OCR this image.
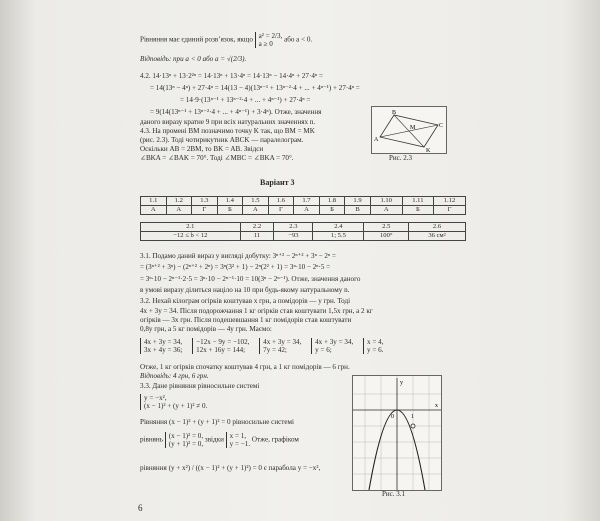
Рівняння має єдиний розв’язок, якщо a² = 2/3,
a ≥ 0
або a < 0.
Відповідь: при a < 0 або a = √(2/3).
4.2. 14·13ⁿ + 13·2²ⁿ = 14·13ⁿ + 13·4ⁿ = 14·13ⁿ − 14·4ⁿ + 27·4ⁿ =
= 14(13ⁿ − 4ⁿ) + 27·4ⁿ = 14(13 − 4)(13ⁿ⁻¹ + 13ⁿ⁻²·4 + ... + 4ⁿ⁻¹) + 27·4ⁿ =
= 14·9·(13ⁿ⁻¹ + 13ⁿ⁻²·4 + ... + 4ⁿ⁻¹) + 27·4ⁿ =
= 9(14(13ⁿ⁻¹ + 13ⁿ⁻²·4 + ... + 4ⁿ⁻¹) + 3·4ⁿ). Отже, значення
даного виразу кратне 9 при всіх натуральних значеннях n.
4.3. На промені BM позначимо точку K так, що BM = MK
(рис. 2.3). Тоді чотирикутник ABCK — паралелограм.
Оскільки AB = 2BM, то BK = AB. Звідси
∠BKA = ∠BAK = 70°. Тоді ∠MBC = ∠BKA = 70°.
Варіант 3
3.1. Подамо даний вираз у вигляді добутку: 3ⁿ⁺² − 2ⁿ⁺² + 3ⁿ − 2ⁿ =
= (3ⁿ⁺² + 3ⁿ) − (2ⁿ⁺² + 2ⁿ) = 3ⁿ(3² + 1) − 2ⁿ(2² + 1) = 3ⁿ·10 − 2ⁿ·5 =
= 3ⁿ·10 − 2ⁿ⁻¹·2·5 = 3ⁿ·10 − 2ⁿ⁻¹·10 = 10(3ⁿ − 2ⁿ⁻¹). Отже, значення даного
в умові виразу ділиться націло на 10 при будь-якому натуральному n.
3.2. Нехай кілограм огірків коштував x грн, а помідорів — y грн. Тоді
4x + 3y = 34. Після подорожчання 1 кг огірків став коштувати 1,5x грн, а 2 кг
огірків — 3x грн. Після подешевшання 1 кг помідорів став коштувати
0,8y грн, а 5 кг помідорів — 4y грн. Маємо:
4x + 3y = 34,
3x + 4y = 36;

−12x − 9y = −102,
12x + 16y = 144;

4x + 3y = 34,
7y = 42;

4x + 3y = 34,
y = 6;

x = 4,
y = 6.
Отже, 1 кг огірків спочатку коштував 4 грн, а 1 кг помідорів — 6 грн.
Відповідь: 4 грн, 6 грн.
3.3. Дане рівняння рівносильне системі
y = −x²,
(x − 1)² + (y + 1)² ≠ 0.
Рівняння (x − 1)² + (y + 1)² = 0 рівносильне системі
рівнянь (x − 1)² = 0,
(y + 1)² = 0,
звідки x = 1,
y = −1.
Отже, графіком
рівняння (y + x²) / ((x − 1)² + (y + 1)²) = 0 є парабола y = −x²,
1.1	1.2	1.3	1.4	1.5	1.6	1.7	1.8	1.9	1.10	1.11	1.12
А	А	Г	Б	А	Г	А	Б	В	А	Б	Г
2.1	2.2	2.3	2.4	2.5	2.6
−12 ≤ b < 12	11	−93	1; 5.5	100°	36 см²
A
B
C
K
M
Рис. 2.3
y
x
0	1
Рис. 3.1
6
